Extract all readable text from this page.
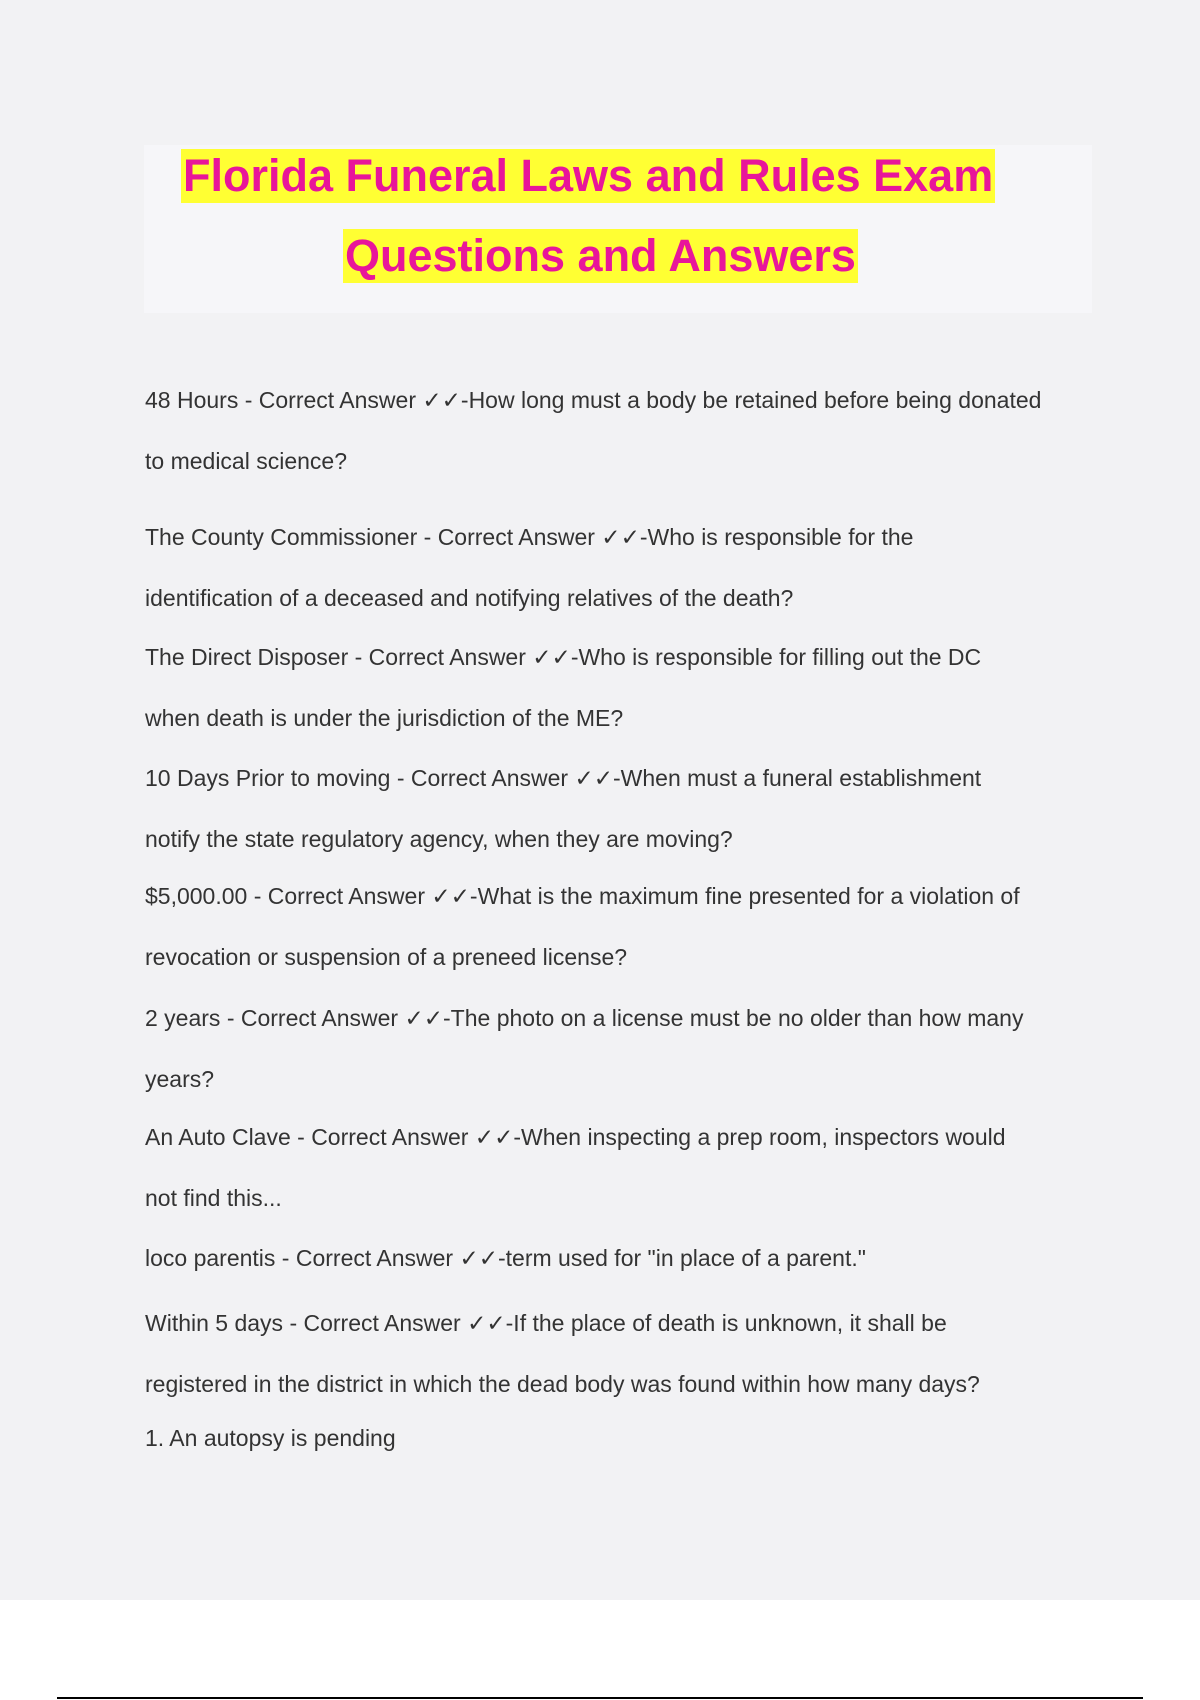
Florida Funeral Laws and Rules Exam
Questions and Answers
48 Hours - Correct Answer ✓✓-How long must a body be retained before being donated
to medical science?
The County Commissioner - Correct Answer ✓✓-Who is responsible for the
identification of a deceased and notifying relatives of the death?
The Direct Disposer - Correct Answer ✓✓-Who is responsible for filling out the DC
when death is under the jurisdiction of the ME?
10 Days Prior to moving - Correct Answer ✓✓-When must a funeral establishment
notify the state regulatory agency, when they are moving?
$5,000.00 - Correct Answer ✓✓-What is the maximum fine presented for a violation of
revocation or suspension of a preneed license?
2 years - Correct Answer ✓✓-The photo on a license must be no older than how many
years?
An Auto Clave - Correct Answer ✓✓-When inspecting a prep room, inspectors would
not find this...
loco parentis - Correct Answer ✓✓-term used for "in place of a parent."
Within 5 days - Correct Answer ✓✓-If the place of death is unknown, it shall be
registered in the district in which the dead body was found within how many days?
1. An autopsy is pending
